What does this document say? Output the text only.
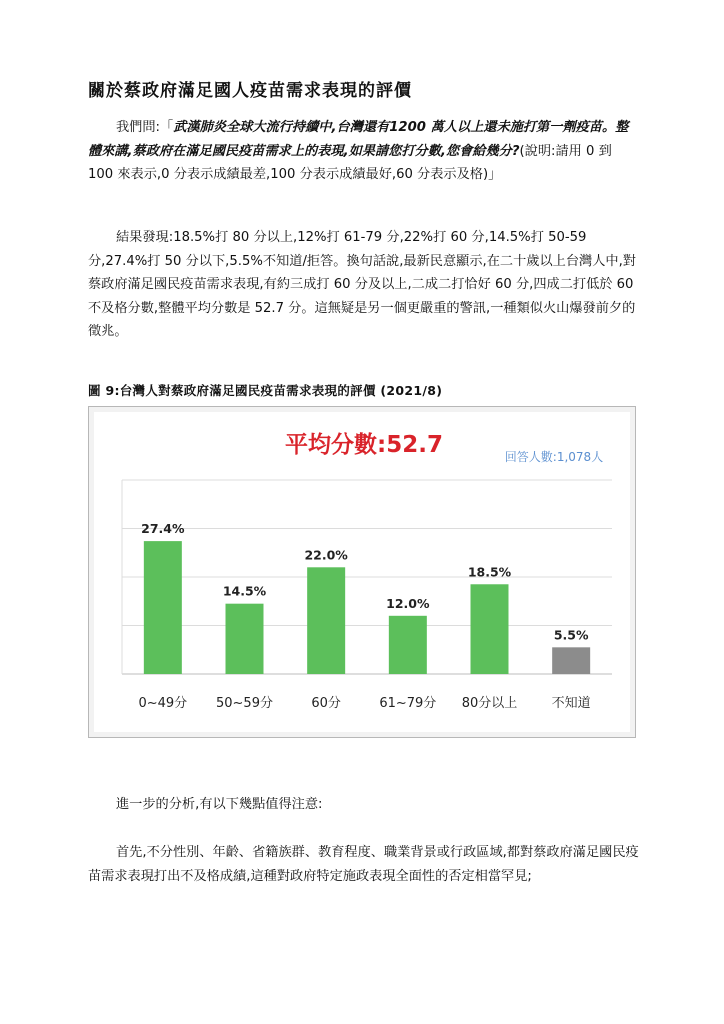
關於蔡政府滿足國人疫苗需求表現的評價

我們問:「武漢肺炎全球大流行持續中,台灣還有1200 萬人以上還未施打第一劑疫苗。整體來講,蔡政府在滿足國民疫苗需求上的表現,如果請您打分數,您會給幾分?(說明:請用 0 到 100 來表示,0 分表示成績最差,100 分表示成績最好,60 分表示及格)」

結果發現:18.5%打 80 分以上,12%打 61-79 分,22%打 60 分,14.5%打 50-59 分,27.4%打 50 分以下,5.5%不知道/拒答。換句話說,最新民意顯示,在二十歲以上台灣人中,對蔡政府滿足國民疫苗需求表現,有約三成打 60 分及以上,二成二打恰好 60 分,四成二打低於 60 不及格分數,整體平均分數是 52.7 分。這無疑是另一個更嚴重的警訊,一種類似火山爆發前夕的徵兆。

圖 9:台灣人對蔡政府滿足國民疫苗需求表現的評價 (2021/8)
平均分數:52.7	回答人數:1,078人
27.4%
14.5%
22.0%
12.0%
18.5%
5.5%
0~49分 50~59分	60分	61~79分 80分以上	不知道

進一步的分析,有以下幾點值得注意:

首先,不分性別、年齡、省籍族群、教育程度、職業背景或行政區域,都對蔡政府滿足國民疫苗需求表現打出不及格成績,這種對政府特定施政表現全面性的否定相當罕見;
